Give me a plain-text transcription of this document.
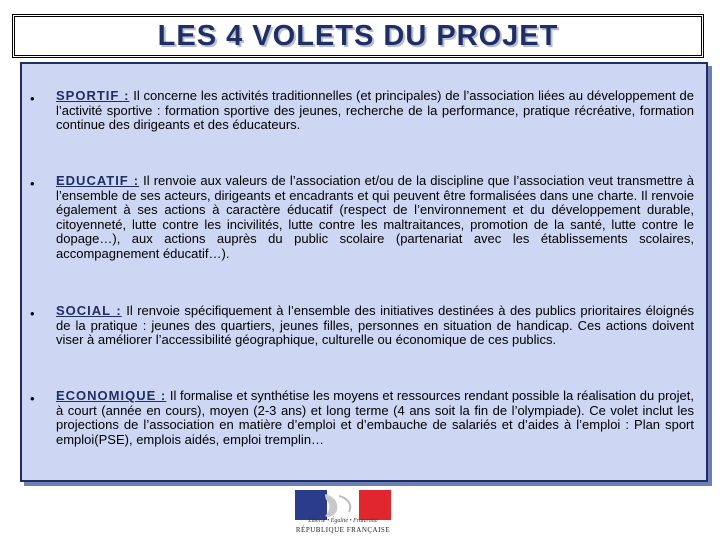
LES 4 VOLETS DU PROJET
• SPORTIF : Il concerne les activités traditionnelles (et principales) de l’association liées au développement de l’activité sportive : formation sportive des jeunes, recherche de la performance, pratique récréative, formation continue des dirigeants et des éducateurs.
• EDUCATIF : Il renvoie aux valeurs de l’association et/ou de la discipline que l’association veut transmettre à l’ensemble de ses acteurs, dirigeants et encadrants et qui peuvent être formalisées dans une charte. Il renvoie également à ses actions à caractère éducatif (respect de l’environnement et du développement durable, citoyenneté, lutte contre les incivilités, lutte contre les maltraitances, promotion de la santé, lutte contre le dopage…), aux actions auprès du public scolaire (partenariat avec les établissements scolaires, accompagnement éducatif…).
• SOCIAL : Il renvoie spécifiquement à l’ensemble des initiatives destinées à des publics prioritaires éloignés de la pratique : jeunes des quartiers, jeunes filles, personnes en situation de handicap. Ces actions doivent viser à améliorer l’accessibilité géographique, culturelle ou économique de ces publics.
• ECONOMIQUE : Il formalise et synthétise les moyens et ressources rendant possible la réalisation du projet, à court (année en cours), moyen (2-3 ans) et long terme (4 ans soit la fin de l’olympiade). Ce volet inclut les projections de l’association en matière d’emploi et d’embauche de salariés et d’aides à l’emploi : Plan sport emploi(PSE), emplois aidés, emploi tremplin…
Liberté • Égalité • Fraternité
RÉPUBLIQUE FRANÇAISE
